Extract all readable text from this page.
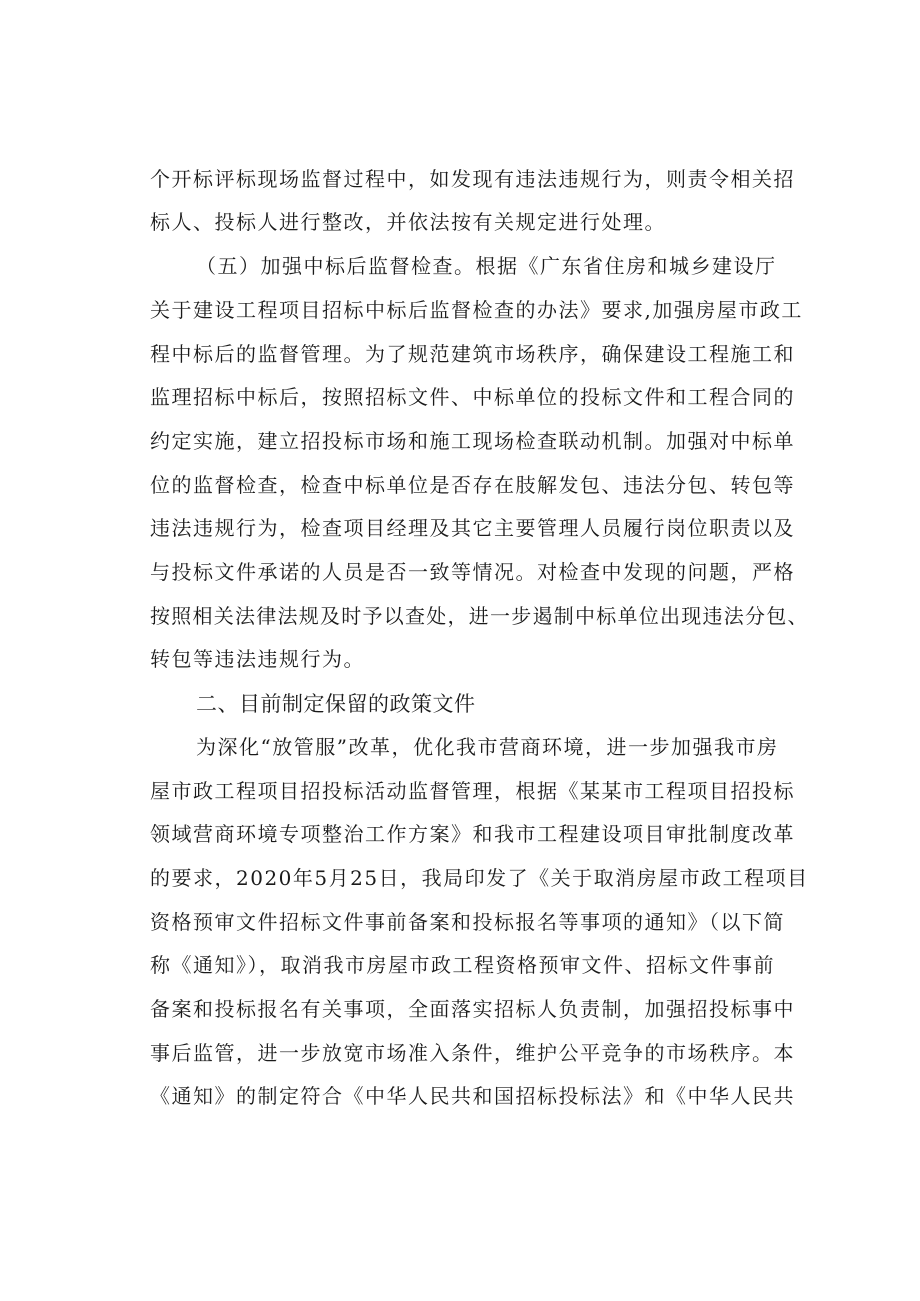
个开标评标现场监督过程中，如发现有违法违规行为，则责令相关招
标人、投标人进行整改，并依法按有关规定进行处理。
（五）加强中标后监督检查。根据《广东省住房和城乡建设厅
关于建设工程项目招标中标后监督检查的办法》要求,加强房屋市政工
程中标后的监督管理。为了规范建筑市场秩序，确保建设工程施工和
监理招标中标后，按照招标文件、中标单位的投标文件和工程合同的
约定实施，建立招投标市场和施工现场检查联动机制。加强对中标单
位的监督检查，检查中标单位是否存在肢解发包、违法分包、转包等
违法违规行为，检查项目经理及其它主要管理人员履行岗位职责以及
与投标文件承诺的人员是否一致等情况。对检查中发现的问题，严格
按照相关法律法规及时予以查处，进一步遏制中标单位出现违法分包、
转包等违法违规行为。
二、目前制定保留的政策文件
为深化“放管服”改革，优化我市营商环境，进一步加强我市房
屋市政工程项目招投标活动监督管理，根据《某某市工程项目招投标
领域营商环境专项整治工作方案》和我市工程建设项目审批制度改革
的要求，2020年5月25日，我局印发了《关于取消房屋市政工程项目
资格预审文件招标文件事前备案和投标报名等事项的通知》（以下简
称《通知》），取消我市房屋市政工程资格预审文件、招标文件事前
备案和投标报名有关事项，全面落实招标人负责制，加强招投标事中
事后监管，进一步放宽市场准入条件，维护公平竞争的市场秩序。本
《通知》的制定符合《中华人民共和国招标投标法》和《中华人民共
